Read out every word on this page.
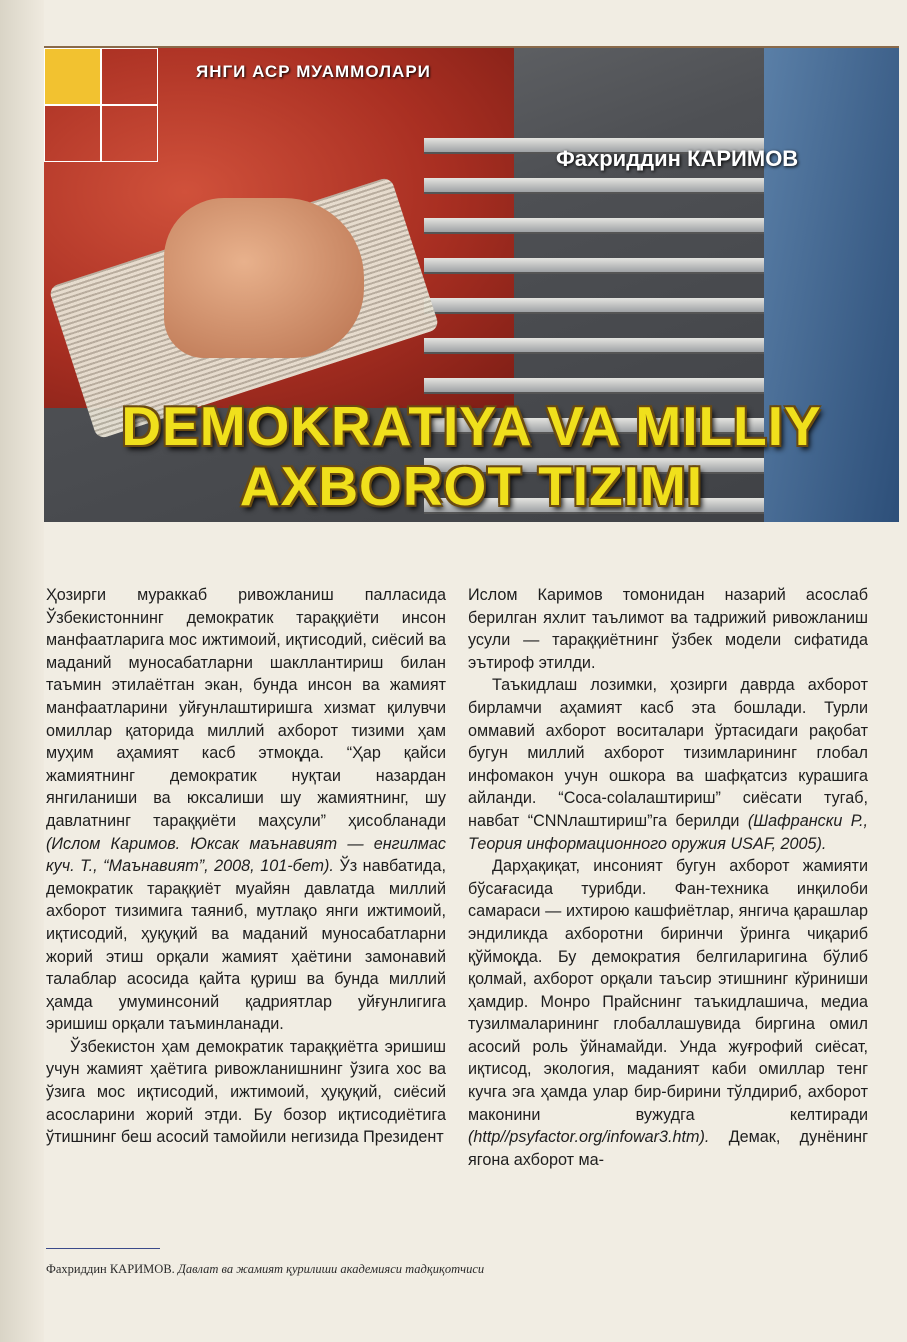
ЯНГИ АСР МУАММОЛАРИ
Фахриддин КАРИМОВ
DEMOKRATIYA VA MILLIY
AXBOROT TIZIMI

Ҳозирги мураккаб ривожланиш палласида Ўзбекистоннинг демократик тараққиёти инсон манфаатларига мос ижтимоий, иқтисодий, сиёсий ва маданий муносабатларни шакллантириш билан таъмин этилаётган экан, бунда инсон ва жамият манфаатларини уйғунлаштиришга хизмат қилувчи омиллар қаторида миллий ахборот тизими ҳам муҳим аҳамият касб этмоқда. “Ҳар қайси жамиятнинг демократик нуқтаи назардан янгиланиши ва юксалиши шу жамиятнинг, шу давлатнинг тараққиёти маҳсули” ҳисобланади (Ислом Каримов. Юксак маънавият — енгилмас куч. Т., “Маънавият”, 2008, 101-бет). Ўз навбатида, демократик тараққиёт муайян давлатда миллий ахборот тизимига таяниб, мутлақо янги ижтимоий, иқтисодий, ҳуқуқий ва маданий муносабатларни жорий этиш орқали жамият ҳаётини замонавий талаблар асосида қайта қуриш ва бунда миллий ҳамда умуминсоний қадриятлар уйғунлигига эришиш орқали таъминланади.

Ўзбекистон ҳам демократик тараққиётга эришиш учун жамият ҳаётига ривожланишнинг ўзига хос ва ўзига мос иқтисодий, ижтимоий, ҳуқуқий, сиёсий асосларини жорий этди. Бу бозор иқтисодиётига ўтишнинг беш асосий тамойили негизида Президент

Ислом Каримов томонидан назарий асослаб берилган яхлит таълимот ва тадрижий ривожланиш усули — тараққиётнинг ўзбек модели сифатида эътироф этилди.

Таъкидлаш лозимки, ҳозирги даврда ахборот бирламчи аҳамият касб эта бошлади. Турли оммавий ахборот воситалари ўртасидаги рақобат бугун миллий ахборот тизимларининг глобал инфомакон учун ошкора ва шафқатсиз курашига айланди. “Coca-colaлаштириш” сиёсати тугаб, навбат “CNNлаштириш”га берилди (Шафрански Р., Теория информационного оружия USAF, 2005).

Дарҳақиқат, инсоният бугун ахборот жамияти бўсағасида турибди. Фан-техника инқилоби самараси — ихтирою кашфиётлар, янгича қарашлар эндиликда ахборотни биринчи ўринга чиқариб қўймоқда. Бу демократия белгиларигина бўлиб қолмай, ахборот орқали таъсир этишнинг кўриниши ҳамдир. Монро Прайснинг таъкидлашича, медиа тузилмаларининг глобаллашувида биргина омил асосий роль ўйнамайди. Унда жуғрофий сиёсат, иқтисод, экология, маданият каби омиллар тенг кучга эга ҳамда улар бир-бирини тўлдириб, ахборот маконини вужудга келтиради (http//psyfactor.org/infowar3.htm). Демак, дунёнинг ягона ахборот ма-

Фахриддин КАРИМОВ. Давлат ва жамият қурилиши академияси тадқиқотчиси
